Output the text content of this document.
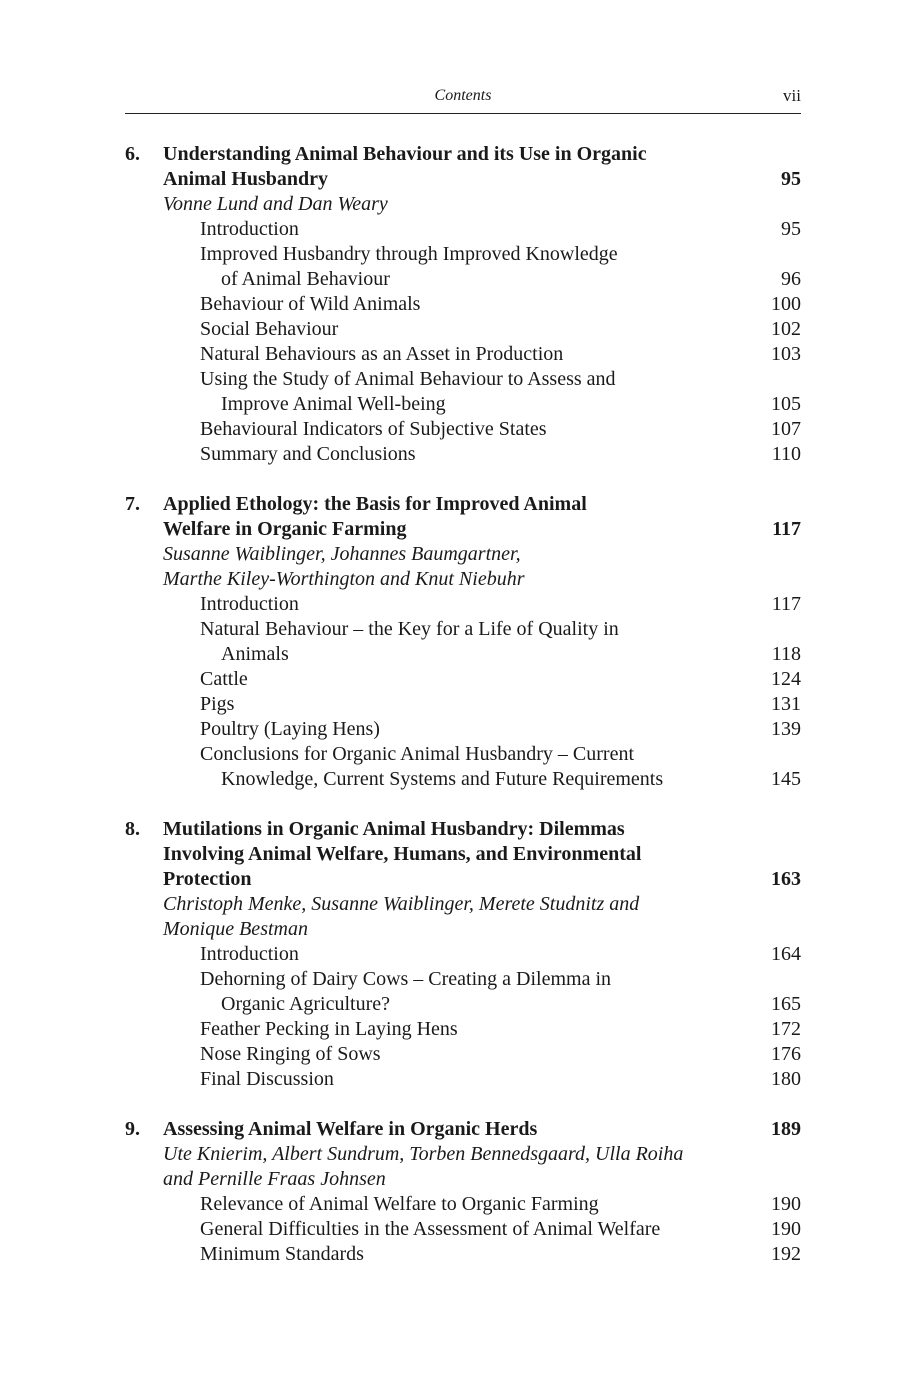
Contents	vii
6. Understanding Animal Behaviour and its Use in Organic
Animal Husbandry	95
Vonne Lund and Dan Weary
Introduction	95
Improved Husbandry through Improved Knowledge
of Animal Behaviour	96
Behaviour of Wild Animals	100
Social Behaviour	102
Natural Behaviours as an Asset in Production	103
Using the Study of Animal Behaviour to Assess and
Improve Animal Well-being	105
Behavioural Indicators of Subjective States	107
Summary and Conclusions	110
7. Applied Ethology: the Basis for Improved Animal
Welfare in Organic Farming	117
Susanne Waiblinger, Johannes Baumgartner,
Marthe Kiley-Worthington and Knut Niebuhr
Introduction	117
Natural Behaviour – the Key for a Life of Quality in
Animals	118
Cattle	124
Pigs	131
Poultry (Laying Hens)	139
Conclusions for Organic Animal Husbandry – Current
Knowledge, Current Systems and Future Requirements	145
8. Mutilations in Organic Animal Husbandry: Dilemmas
Involving Animal Welfare, Humans, and Environmental
Protection	163
Christoph Menke, Susanne Waiblinger, Merete Studnitz and
Monique Bestman
Introduction	164
Dehorning of Dairy Cows – Creating a Dilemma in
Organic Agriculture?	165
Feather Pecking in Laying Hens	172
Nose Ringing of Sows	176
Final Discussion	180
9. Assessing Animal Welfare in Organic Herds	189
Ute Knierim, Albert Sundrum, Torben Bennedsgaard, Ulla Roiha
and Pernille Fraas Johnsen
Relevance of Animal Welfare to Organic Farming	190
General Difficulties in the Assessment of Animal Welfare	190
Minimum Standards	192
